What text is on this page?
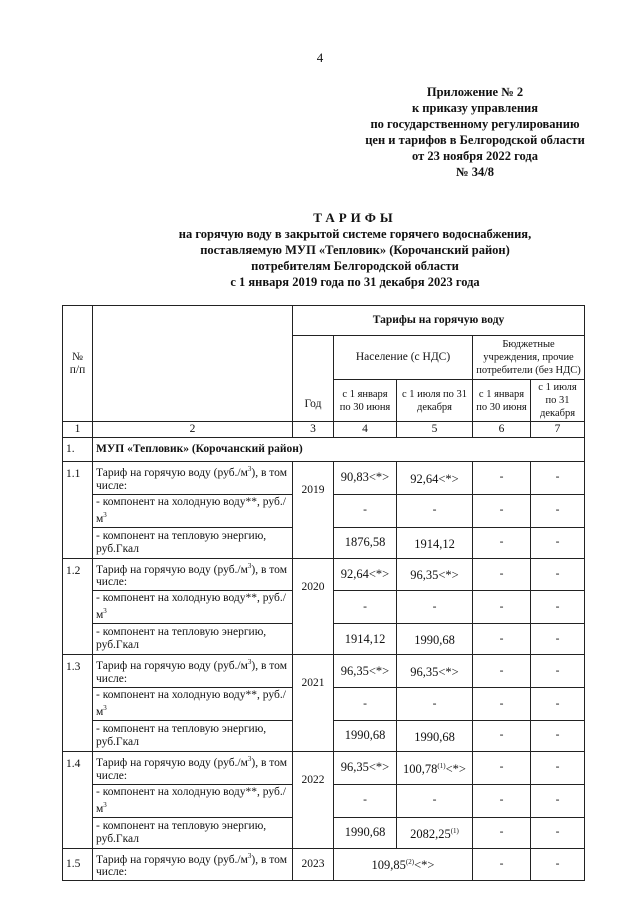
4
Приложение № 2
к приказу управления
по государственному регулированию
цен и тарифов в Белгородской области
от 23 ноября 2022 года
№ 34/8
ТАРИФЫ
на горячую воду в закрытой системе горячего водоснабжения,
поставляемую МУП «Тепловик» (Корочанский район)
потребителям Белгородской области
с 1 января 2019 года по 31 декабря 2023 года
№ п/п		Тарифы на горячую воду				
		Год	Население (с НДС)		Бюджетные учреждения, прочие потребители (без НДС)	
			с 1 января по 30 июня	с 1 июля по 31 декабря	с 1 января по 30 июня	с 1 июля по 31 декабря
1	2	3	4	5	6	7
1.	МУП «Тепловик» (Корочанский район)					
1.1	Тариф на горячую воду $(руб./м^3)$, в том числе:	2019	90,83<*>	92,64<*>	-	-
	- компонент на холодную воду**, $руб./м^3$		-	-	-	-
	- компонент на тепловую энергию, руб.Гкал		1876,58	1914,12	-	-
1.2	Тариф на горячую воду $(руб./м^3)$, в том числе:	2020	92,64<*>	96,35<*>	-	-
	- компонент на холодную воду**, $руб./м^3$		-	-	-	-
	- компонент на тепловую энергию, руб.Гкал		1914,12	1990,68	-	-
1.3	Тариф на горячую воду $(руб./м^3)$, в том числе:	2021	96,35<*>	96,35<*>	-	-
	- компонент на холодную воду**, $руб./м^3$		-	-	-	-
	- компонент на тепловую энергию, руб.Гкал		1990,68	1990,68	-	-
1.4	Тариф на горячую воду $(руб./м^3)$, в том числе:	2022	96,35<*>	$100,78^{(1)}<*>$	-	-
	- компонент на холодную воду**, $руб./м^3$		-	-	-	-
	- компонент на тепловую энергию, руб.Гкал		1990,68	2082,25$^{(1)}$	-	-
1.5	Тариф на горячую воду $(руб./м^3)$, в том числе:	2023	$109,85^{(2)}<*>$		-	-
